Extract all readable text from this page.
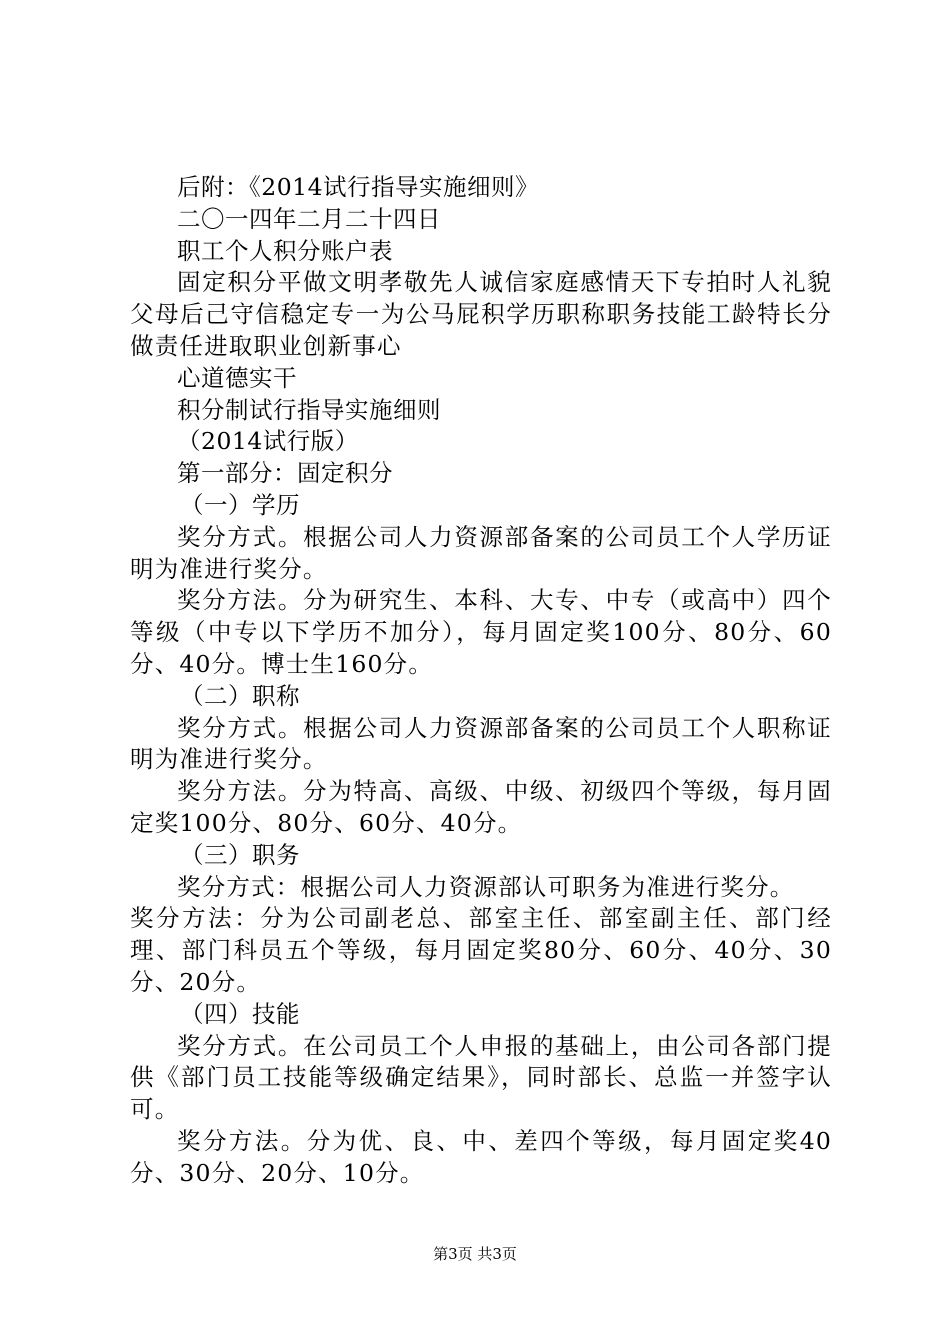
后附：《2014试行指导实施细则》

二〇一四年二月二十四日

职工个人积分账户表

固定积分平做文明孝敬先人诚信家庭感情天下专拍时人礼貌父母后己守信稳定专一为公马屁积学历职称职务技能工龄特长分做责任进取职业创新事心

心道德实干

积分制试行指导实施细则

（2014试行版）

第一部分：固定积分

（一）学历

奖分方式。根据公司人力资源部备案的公司员工个人学历证明为准进行奖分。

奖分方法。分为研究生、本科、大专、中专（或高中）四个等级（中专以下学历不加分），每月固定奖100分、80分、60分、40分。博士生160分。

（二）职称

奖分方式。根据公司人力资源部备案的公司员工个人职称证明为准进行奖分。

奖分方法。分为特高、高级、中级、初级四个等级，每月固定奖100分、80分、60分、40分。

（三）职务

奖分方式：根据公司人力资源部认可职务为准进行奖分。

奖分方法：分为公司副老总、部室主任、部室副主任、部门经理、部门科员五个等级，每月固定奖80分、60分、40分、30分、20分。

（四）技能

奖分方式。在公司员工个人申报的基础上，由公司各部门提供《部门员工技能等级确定结果》，同时部长、总监一并签字认可。

奖分方法。分为优、良、中、差四个等级，每月固定奖40分、30分、20分、10分。

第3页 共3页
